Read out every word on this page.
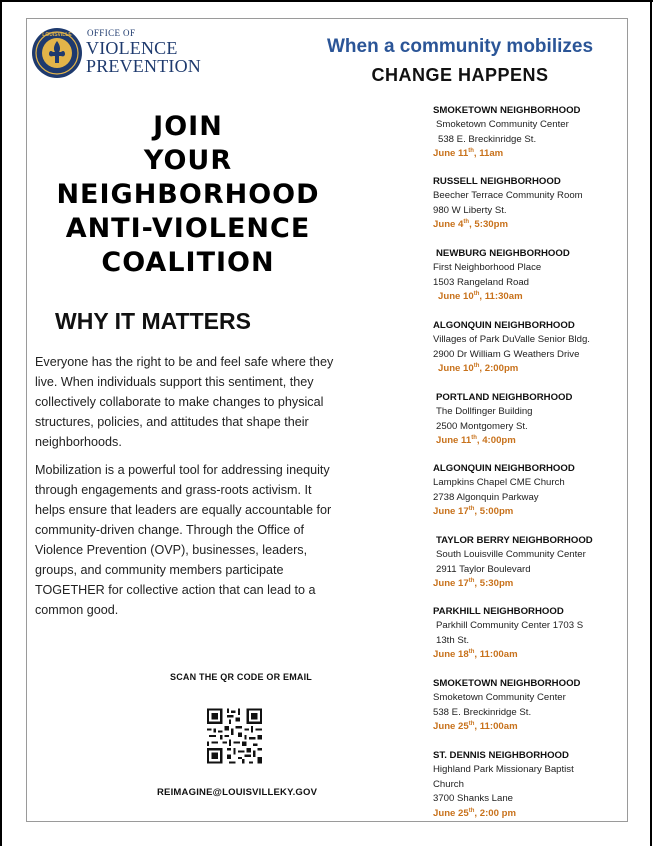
LOUISVILLE OFFICE OF
VIOLENCE
PREVENTION
When a community mobilizes
CHANGE HAPPENS
JOIN
YOUR
NEIGHBORHOOD
ANTI-VIOLENCE
COALITION
WHY IT MATTERS

Everyone has the right to be and feel safe where they live. When individuals support this sentiment, they collectively collaborate to make changes to physical structures, policies, and attitudes that shape their neighborhoods.

Mobilization is a powerful tool for addressing inequity through engagements and grass-roots activism. It helps ensure that leaders are equally accountable for community-driven change. Through the Office of Violence Prevention (OVP), businesses, leaders, groups, and community members participate TOGETHER for collective action that can lead to a common good.

SCAN THE QR CODE OR EMAIL
REIMAGINE@LOUISVILLEKY.GOV
SMOKETOWN NEIGHBORHOOD
Smoketown Community Center
538 E. Breckinridge St.
June 11th, 11am
RUSSELL NEIGHBORHOOD
Beecher Terrace Community Room
980 W Liberty St.
June 4th, 5:30pm
NEWBURG NEIGHBORHOOD
First Neighborhood Place
1503 Rangeland Road
June 10th, 11:30am
ALGONQUIN NEIGHBORHOOD
Villages of Park DuValle Senior Bldg.
2900 Dr William G Weathers Drive
June 10th, 2:00pm
PORTLAND NEIGHBORHOOD
The Dollfinger Building
2500 Montgomery St.
June 11th, 4:00pm
ALGONQUIN NEIGHBORHOOD
Lampkins Chapel CME Church
2738 Algonquin Parkway
June 17th, 5:00pm
TAYLOR BERRY NEIGHBORHOOD
South Louisville Community Center
2911 Taylor Boulevard
June 17th, 5:30pm
PARKHILL NEIGHBORHOOD
Parkhill Community Center 1703 S
13th St.
June 18th, 11:00am
SMOKETOWN NEIGHBORHOOD
Smoketown Community Center
538 E. Breckinridge St.
June 25th, 11:00am
ST. DENNIS NEIGHBORHOOD
Highland Park Missionary Baptist
Church
3700 Shanks Lane
June 25th, 2:00 pm
